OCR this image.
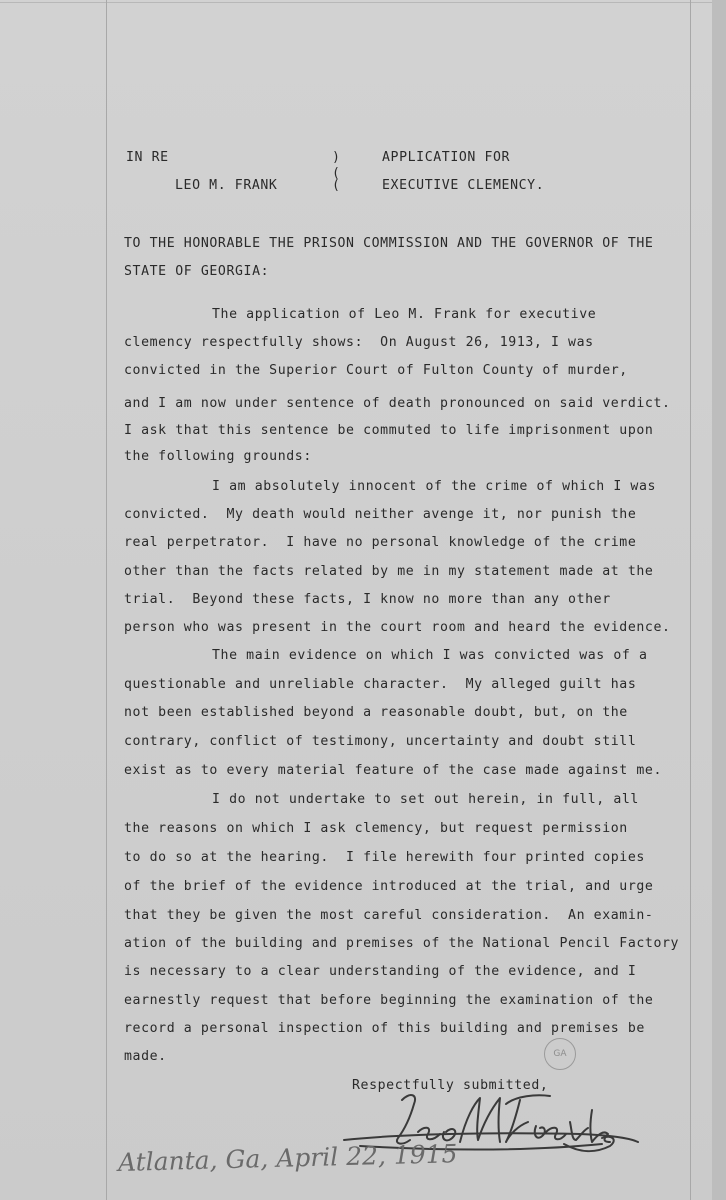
IN RE
LEO M. FRANK
)
(
(
APPLICATION FOR
EXECUTIVE CLEMENCY.
TO THE HONORABLE THE PRISON COMMISSION AND THE GOVERNOR OF THE
STATE OF GEORGIA:
The application of Leo M. Frank for executive
clemency respectfully shows:  On August 26, 1913, I was
convicted in the Superior Court of Fulton County of murder,
and I am now under sentence of death pronounced on said verdict.
I ask that this sentence be commuted to life imprisonment upon
the following grounds:
I am absolutely innocent of the crime of which I was
convicted.  My death would neither avenge it, nor punish the
real perpetrator.  I have no personal knowledge of the crime
other than the facts related by me in my statement made at the
trial.  Beyond these facts, I know no more than any other
person who was present in the court room and heard the evidence.
The main evidence on which I was convicted was of a
questionable and unreliable character.  My alleged guilt has
not been established beyond a reasonable doubt, but, on the
contrary, conflict of testimony, uncertainty and doubt still
exist as to every material feature of the case made against me.
I do not undertake to set out herein, in full, all
the reasons on which I ask clemency, but request permission
to do so at the hearing.  I file herewith four printed copies
of the brief of the evidence introduced at the trial, and urge
that they be given the most careful consideration.  An examin-
ation of the building and premises of the National Pencil Factory
is necessary to a clear understanding of the evidence, and I
earnestly request that before beginning the examination of the
record a personal inspection of this building and premises be
made.	GA
Respectfully submitted,
Atlanta, Ga, April 22, 1915
